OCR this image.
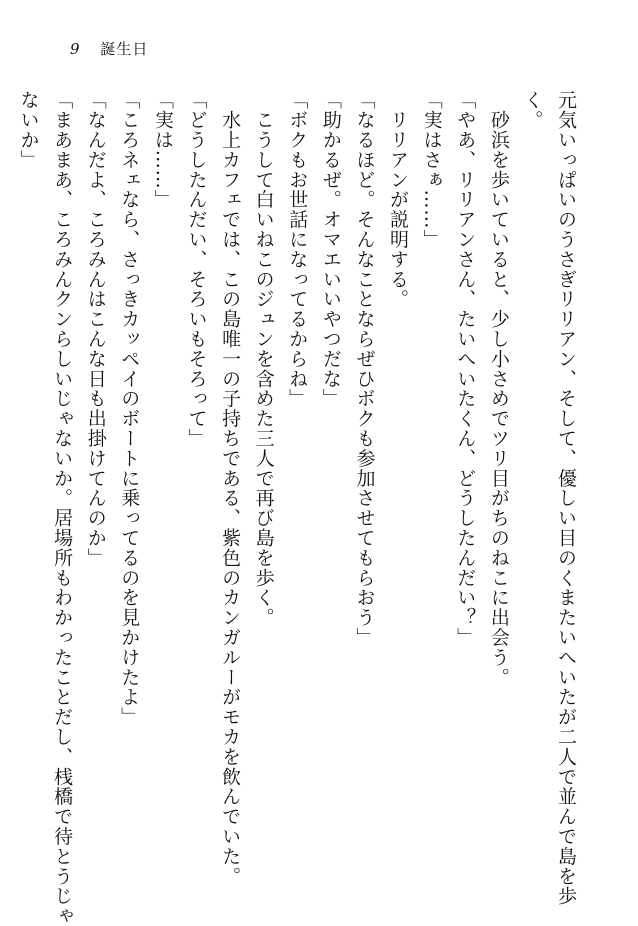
9 誕生日
元気いっぱいのうさぎリリアン、そして、優しい目のくまたいへいたが二人で並んで島を歩
く。
　砂浜を歩いていると、少し小さめでツリ目がちのねこに出会う。
「やあ、リリアンさん、たいへいたくん、どうしたんだい？」
「実はさぁ……」
　リリアンが説明する。
「なるほど。そんなことならぜひボクも参加させてもらおう」
「助かるぜ。オマエいいやつだな」
「ボクもお世話になってるからね」
　こうして白いねこのジュンを含めた三人で再び島を歩く。
　水上カフェでは、この島唯一の子持ちである、紫色のカンガルーがモカを飲んでいた。
「どうしたんだい、そろいもそろって」
「実は……」
「ころネェなら、さっきカッペイのボートに乗ってるのを見かけたよ」
「なんだよ、ころみんはこんな日も出掛けてんのか」
「まあまあ、ころみんクンらしいじゃないか。居場所もわかったことだし、桟橋で待とうじゃ
ないか」
